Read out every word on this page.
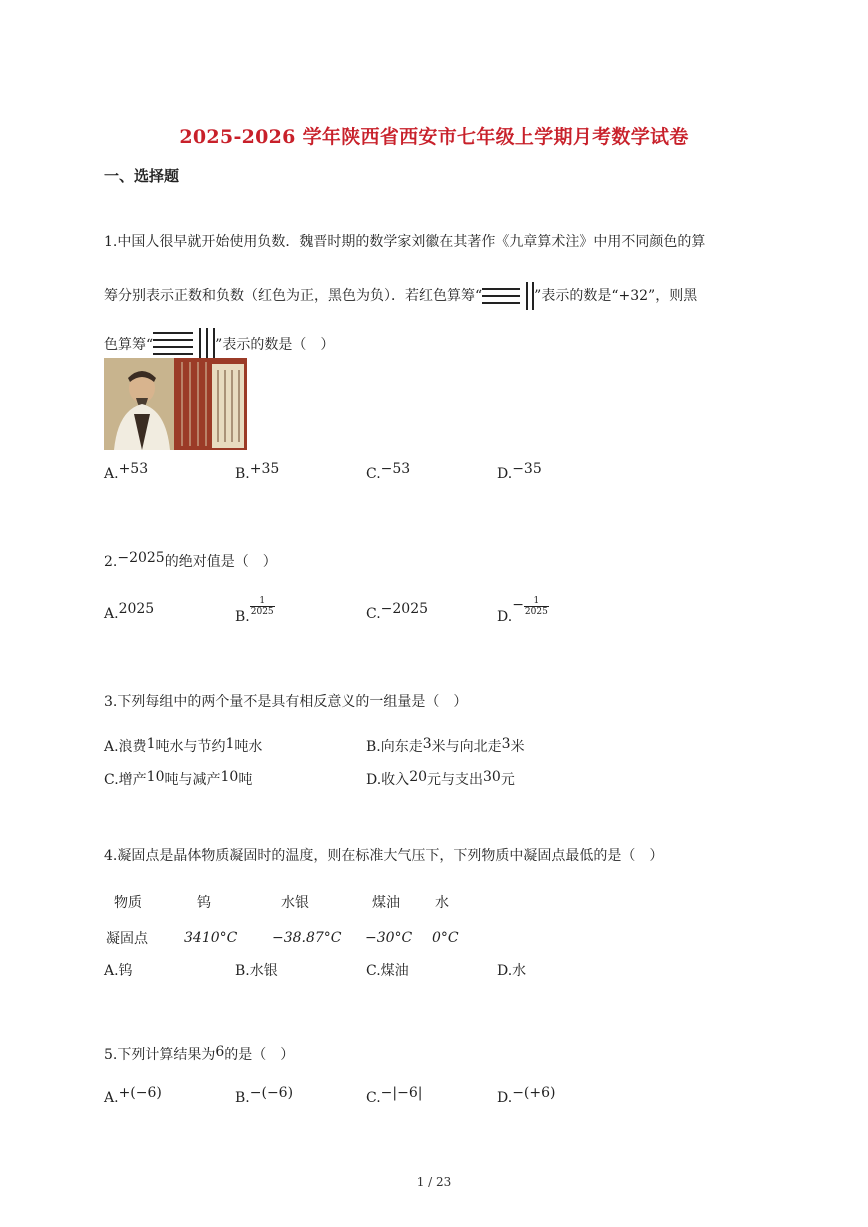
2025-2026 学年陕西省西安市七年级上学期月考数学试卷
一、选择题
1.中国人很早就开始使用负数．魏晋时期的数学家刘徽在其著作《九章算术注》中用不同颜色的算
筹分别表示正数和负数（红色为正，黑色为负）．若红色算筹“	”表示的数是“+32”，则黑
色算筹“	”表示的数是（　）
A.+53	B.+35	C.−53	D.−35
2.−2025的绝对值是（　）
A.2025	B. $\frac{1}{2025}$	C.−2025	$D.- \frac{1}{2025}$
3.下列每组中的两个量不是具有相反意义的一组量是（　）
A.浪费1吨水与节约1吨水	B.向东走3米与向北走3米
C.增产10吨与减产10吨	D.收入20元与支出30元
4.凝固点是晶体物质凝固时的温度，则在标准大气压下，下列物质中凝固点最低的是（　）
物质	钨	水银	煤油	水
凝固点	3410°C	−38.87°C	−30°C	0°C
A.钨	B.水银	C.煤油	D.水
5.下列计算结果为6的是（　）
A.+(−6)	B.−(−6)	C.−|−6|	D.−(+6)
1 / 23
